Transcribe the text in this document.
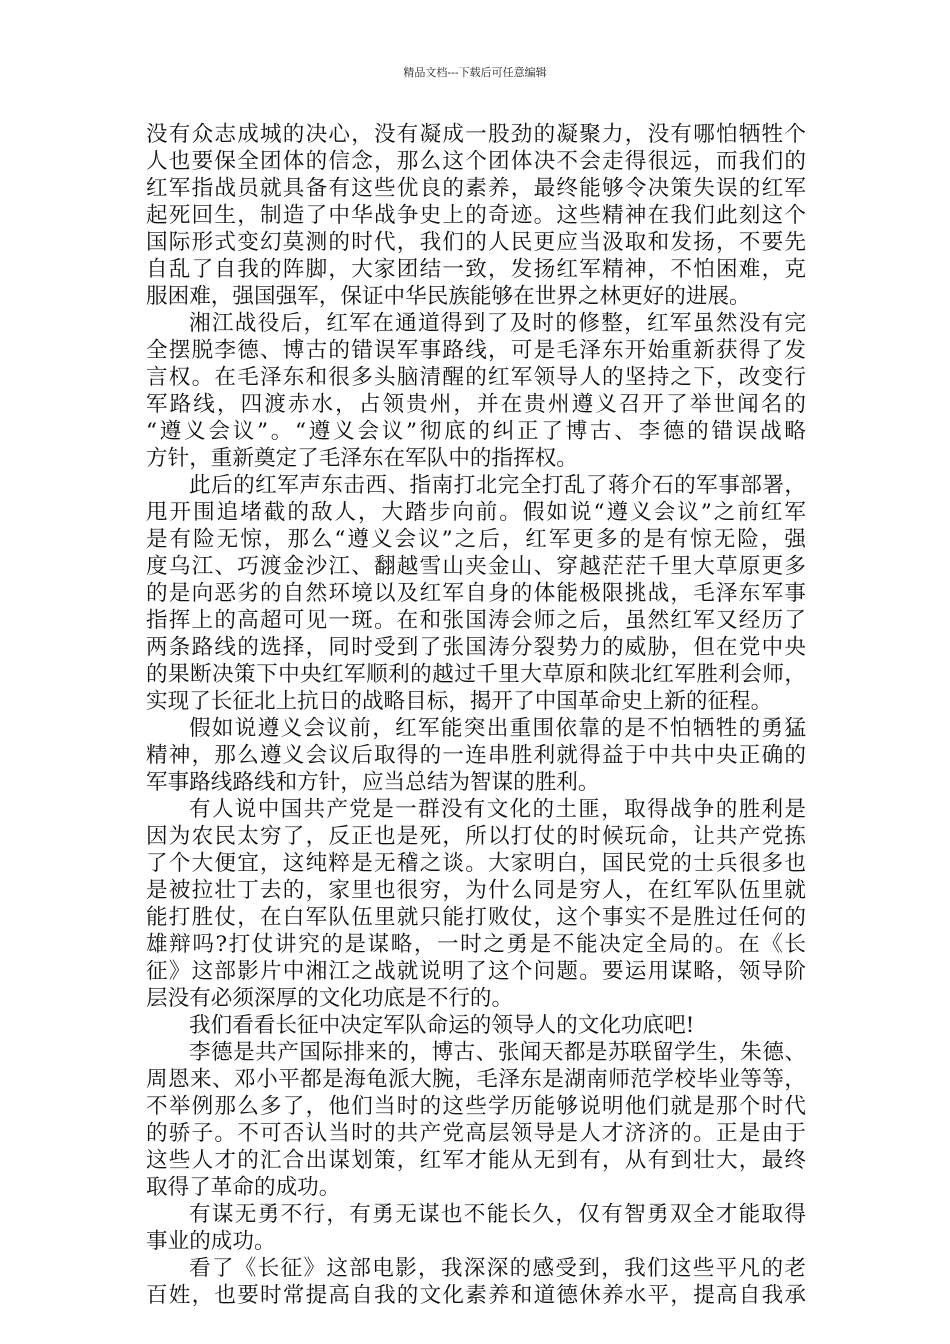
精品文档---下载后可任意编辑
没有众志成城的决心，没有凝成一股劲的凝聚力，没有哪怕牺牲个
人也要保全团体的信念，那么这个团体决不会走得很远，而我们的
红军指战员就具备有这些优良的素养，最终能够令决策失误的红军
起死回生，制造了中华战争史上的奇迹。这些精神在我们此刻这个
国际形式变幻莫测的时代，我们的人民更应当汲取和发扬，不要先
自乱了自我的阵脚，大家团结一致，发扬红军精神，不怕困难，克
服困难，强国强军，保证中华民族能够在世界之林更好的进展。
湘江战役后，红军在通道得到了及时的修整，红军虽然没有完
全摆脱李德、博古的错误军事路线，可是毛泽东开始重新获得了发
言权。在毛泽东和很多头脑清醒的红军领导人的坚持之下，改变行
军路线，四渡赤水，占领贵州，并在贵州遵义召开了举世闻名的
“遵义会议”。“遵义会议”彻底的纠正了博古、李德的错误战略
方针，重新奠定了毛泽东在军队中的指挥权。
此后的红军声东击西、指南打北完全打乱了蒋介石的军事部署，
甩开围追堵截的敌人，大踏步向前。假如说“遵义会议”之前红军
是有险无惊，那么“遵义会议”之后，红军更多的是有惊无险，强
度乌江、巧渡金沙江、翻越雪山夹金山、穿越茫茫千里大草原更多
的是向恶劣的自然环境以及红军自身的体能极限挑战，毛泽东军事
指挥上的高超可见一斑。在和张国涛会师之后，虽然红军又经历了
两条路线的选择，同时受到了张国涛分裂势力的威胁，但在党中央
的果断决策下中央红军顺利的越过千里大草原和陕北红军胜利会师，
实现了长征北上抗日的战略目标，揭开了中国革命史上新的征程。
假如说遵义会议前，红军能突出重围依靠的是不怕牺牲的勇猛
精神，那么遵义会议后取得的一连串胜利就得益于中共中央正确的
军事路线路线和方针，应当总结为智谋的胜利。
有人说中国共产党是一群没有文化的土匪，取得战争的胜利是
因为农民太穷了，反正也是死，所以打仗的时候玩命，让共产党拣
了个大便宜，这纯粹是无稽之谈。大家明白，国民党的士兵很多也
是被拉壮丁去的，家里也很穷，为什么同是穷人，在红军队伍里就
能打胜仗，在白军队伍里就只能打败仗，这个事实不是胜过任何的
雄辩吗?打仗讲究的是谋略，一时之勇是不能决定全局的。在《长
征》这部影片中湘江之战就说明了这个问题。要运用谋略，领导阶
层没有必须深厚的文化功底是不行的。
我们看看长征中决定军队命运的领导人的文化功底吧!
李德是共产国际排来的，博古、张闻天都是苏联留学生，朱德、
周恩来、邓小平都是海龟派大腕，毛泽东是湖南师范学校毕业等等，
不举例那么多了，他们当时的这些学历能够说明他们就是那个时代
的骄子。不可否认当时的共产党高层领导是人才济济的。正是由于
这些人才的汇合出谋划策，红军才能从无到有，从有到壮大，最终
取得了革命的成功。
有谋无勇不行，有勇无谋也不能长久，仅有智勇双全才能取得
事业的成功。
看了《长征》这部电影，我深深的感受到，我们这些平凡的老
百姓，也要时常提高自我的文化素养和道德休养水平，提高自我承
